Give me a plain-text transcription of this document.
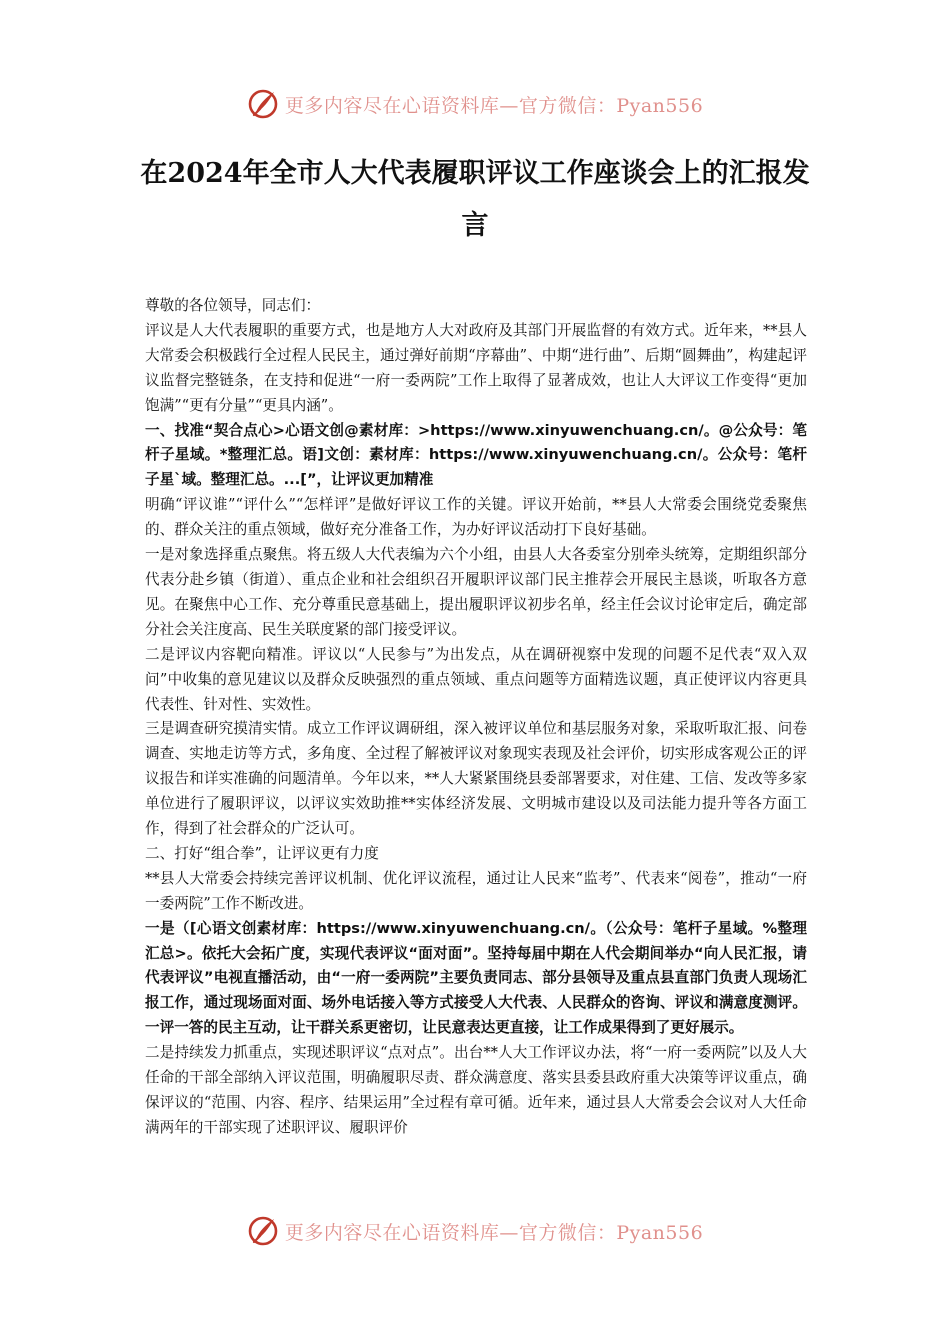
更多内容尽在心语资料库—官方微信：Pyan556
在2024年全市人大代表履职评议工作座谈会上的汇报发言

尊敬的各位领导，同志们：

评议是人大代表履职的重要方式，也是地方人大对政府及其部门开展监督的有效方式。近年来，**县人大常委会积极践行全过程人民民主，通过弹好前期“序幕曲”、中期“进行曲”、后期“圆舞曲”，构建起评议监督完整链条，在支持和促进“一府一委两院”工作上取得了显著成效，也让人大评议工作变得“更加饱满”“更有分量”“更具内涵”。

一、找准“契合点心>心语文创@素材库：>https://www.xinyuwenchuang.cn/。@公众号：笔杆子星域。*整理汇总。语]文创：素材库：https://www.xinyuwenchuang.cn/。公众号：笔杆子星`域。整理汇总。...[”，让评议更加精准

明确“评议谁”“评什么”“怎样评”是做好评议工作的关键。评议开始前，**县人大常委会围绕党委聚焦的、群众关注的重点领域，做好充分准备工作，为办好评议活动打下良好基础。

一是对象选择重点聚焦。将五级人大代表编为六个小组，由县人大各委室分别牵头统筹，定期组织部分代表分赴乡镇（街道）、重点企业和社会组织召开履职评议部门民主推荐会开展民主恳谈，听取各方意见。在聚焦中心工作、充分尊重民意基础上，提出履职评议初步名单，经主任会议讨论审定后，确定部分社会关注度高、民生关联度紧的部门接受评议。

二是评议内容靶向精准。评议以“人民参与”为出发点，从在调研视察中发现的问题不足代表“双入双问”中收集的意见建议以及群众反映强烈的重点领域、重点问题等方面精选议题，真正使评议内容更具代表性、针对性、实效性。

三是调查研究摸清实情。成立工作评议调研组，深入被评议单位和基层服务对象，采取听取汇报、问卷调查、实地走访等方式，多角度、全过程了解被评议对象现实表现及社会评价，切实形成客观公正的评议报告和详实准确的问题清单。今年以来，**人大紧紧围绕县委部署要求，对住建、工信、发改等多家单位进行了履职评议，以评议实效助推**实体经济发展、文明城市建设以及司法能力提升等各方面工作，得到了社会群众的广泛认可。

二、打好“组合拳”，让评议更有力度

**县人大常委会持续完善评议机制、优化评议流程，通过让人民来“监考”、代表来“阅卷”，推动“一府一委两院”工作不断改进。

一是（[心语文创素材库：https://www.xinyuwenchuang.cn/。（公众号：笔杆子星域。%整理汇总>。依托大会拓广度，实现代表评议“面对面”。坚持每届中期在人代会期间举办“向人民汇报，请代表评议”电视直播活动，由“一府一委两院”主要负责同志、部分县领导及重点县直部门负责人现场汇报工作，通过现场面对面、场外电话接入等方式接受人大代表、人民群众的咨询、评议和满意度测评。一评一答的民主互动，让干群关系更密切，让民意表达更直接，让工作成果得到了更好展示。

二是持续发力抓重点，实现述职评议“点对点”。出台**人大工作评议办法，将“一府一委两院”以及人大任命的干部全部纳入评议范围，明确履职尽责、群众满意度、落实县委县政府重大决策等评议重点，确保评议的“范围、内容、程序、结果运用”全过程有章可循。近年来，通过县人大常委会会议对人大任命满两年的干部实现了述职评议、履职评价

更多内容尽在心语资料库—官方微信：Pyan556
